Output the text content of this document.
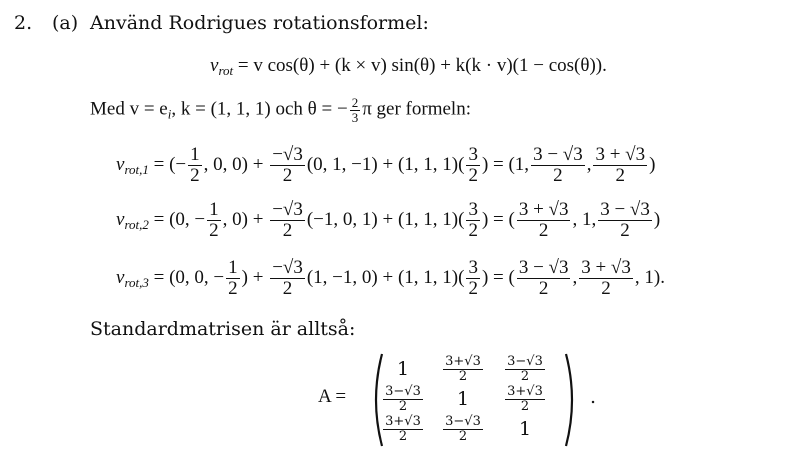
2. (a) Använd Rodrigues rotationsformel:
$v_{rot} = v$ cos(θ) + (k × v) sin(θ) + k(k · v)(1 − cos(θ)).
Med $v = e_i$, k = (1, 1, 1) och θ = − $\frac{2}{3}$ π ger formeln:
$v_{rot,1}$ = (− $\frac{1}{2}$ , 0, $0) + \frac{-√3}{2} (0$, 1, −1) + (1, 1, $1)( \frac{3}{2}$ ) = (1, $\frac{3 - √3}{2}$ , $\frac{3 + √3}{2}$ )
$v_{rot,2} = (0$, − $\frac{1}{2}$ , $0) + \frac{-√3}{2} (-1$, 0, 1) + (1, 1, $1)( \frac{3}{2}$ ) = ( $\frac{3 + √3}{2}$ , 1, $\frac{3 - √3}{2}$ )
$v_{rot,3} = (0$, 0, − $\frac{1}{2}$ ) + $\frac{-√3}{2} (1$, −1, 0) + (1, 1, $1)( \frac{3}{2}$ ) = ( $\frac{3 - √3}{2}$ , $\frac{3 + √3}{2}$ , 1).
Standardmatrisen är alltså:
A =
1	$\frac{3+√3}{2} \frac{3-√3}{2}$
$\frac{3-√3}{2} 1$	$\frac{3+√3}{2}$
$\frac{3+√3}{2} \frac{3-√3}{2} 1$
.
